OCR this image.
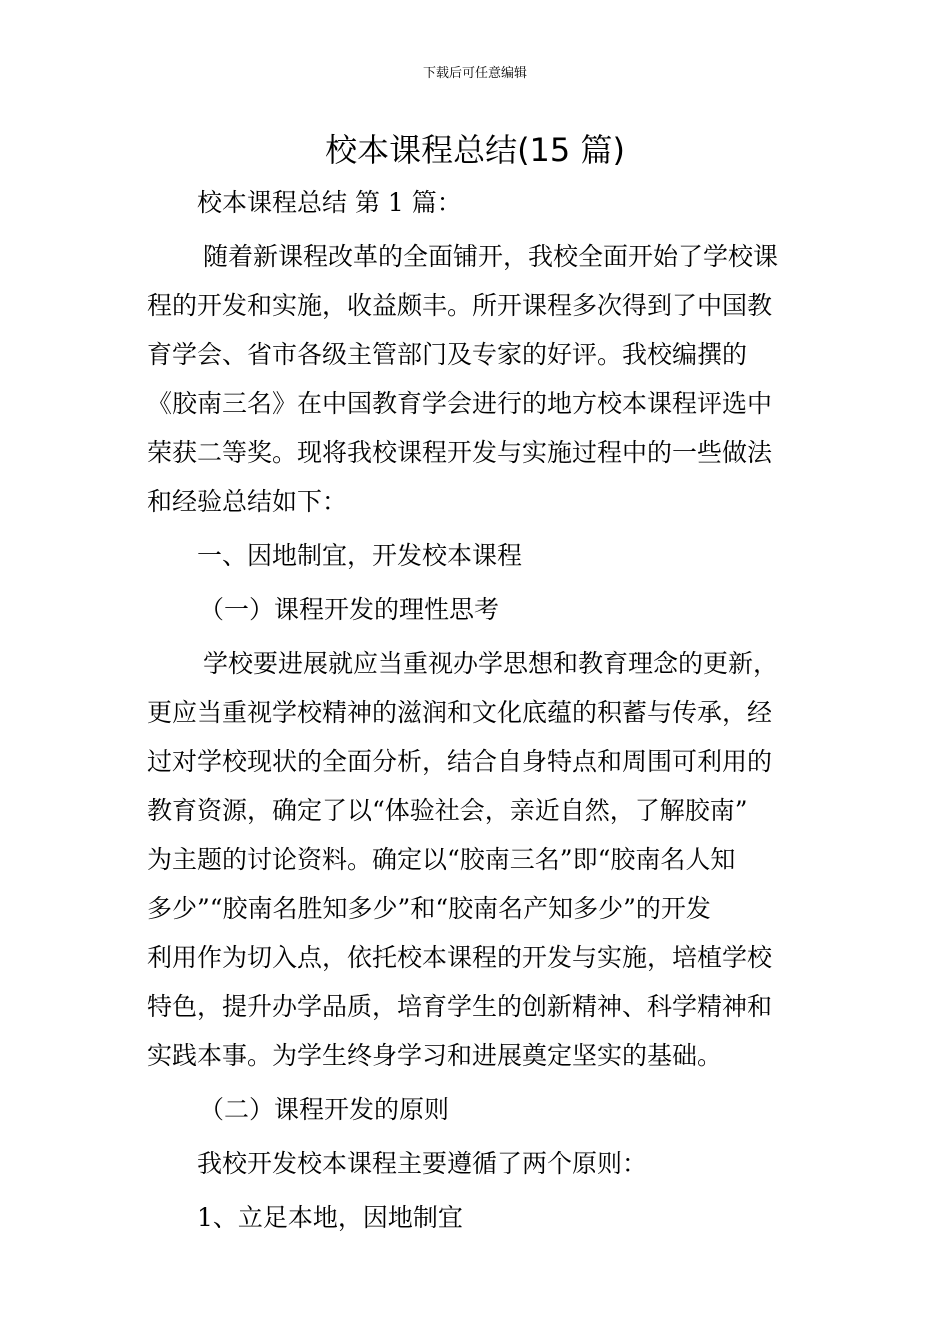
下载后可任意编辑
校本课程总结(15 篇)
校本课程总结 第 1 篇：
随着新课程改革的全面铺开，我校全面开始了学校课
程的开发和实施，收益颇丰。所开课程多次得到了中国教
育学会、省市各级主管部门及专家的好评。我校编撰的
《胶南三名》在中国教育学会进行的地方校本课程评选中
荣获二等奖。现将我校课程开发与实施过程中的一些做法
和经验总结如下：
一、因地制宜，开发校本课程
（一）课程开发的理性思考
学校要进展就应当重视办学思想和教育理念的更新，
更应当重视学校精神的滋润和文化底蕴的积蓄与传承，经
过对学校现状的全面分析，结合自身特点和周围可利用的
教育资源，确定了以“体验社会，亲近自然，了解胶南”
为主题的讨论资料。确定以“胶南三名”即“胶南名人知
多少”“胶南名胜知多少”和“胶南名产知多少”的开发
利用作为切入点，依托校本课程的开发与实施，培植学校
特色，提升办学品质，培育学生的创新精神、科学精神和
实践本事。为学生终身学习和进展奠定坚实的基础。
（二）课程开发的原则
我校开发校本课程主要遵循了两个原则：
1、立足本地，因地制宜
